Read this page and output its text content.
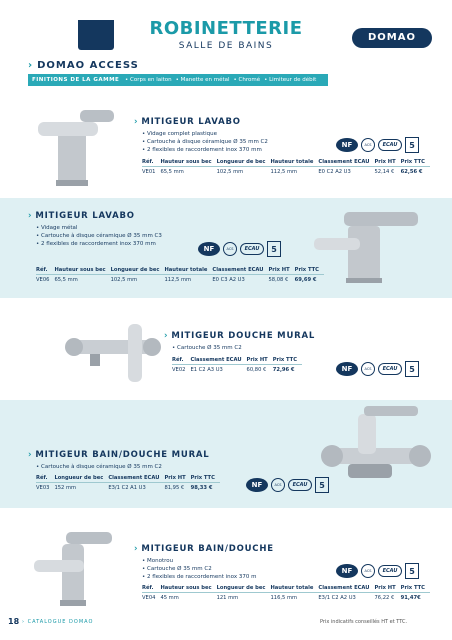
ROBINETTERIE
SALLE DE BAINS
DOMAO
› DOMAO ACCESS
FINITIONS DE LA GAMME • Corps en laiton • Manette en métal • Chromé • Limiteur de débit
› MITIGEUR LAVABO
• Vidage complet plastique
• Cartouche à disque céramique Ø 35 mm C2
• 2 flexibles de raccordement inox 370 mm
NF	ACS	ECAU	5
Réf.	Hauteur sous bec	Longueur de bec	Hauteur totale	Classement ECAU	Prix HT	Prix TTC
VE01	65,5 mm	102,5 mm	112,5 mm	E0 C2 A2 U3	52,14 €	62,56 €
› MITIGEUR LAVABO
• Vidage métal
• Cartouche à disque céramique Ø 35 mm C3
• 2 flexibles de raccordement inox 370 mm
NF	ACS	ECAU	5
Réf.	Hauteur sous bec	Longueur de bec	Hauteur totale	Classement ECAU	Prix HT	Prix TTC
VE06	65,5 mm	102,5 mm	112,5 mm	E0 C3 A2 U3	58,08 €	69,69 €
› MITIGEUR DOUCHE MURAL
• Cartouche Ø 35 mm C2
Réf.	Classement ECAU	Prix HT	Prix TTC
VE02	E1 C2 A3 U3	60,80 €	72,96 €	NF	ACS	ECAU	5
› MITIGEUR BAIN/DOUCHE MURAL
• Cartouche à disque céramique Ø 35 mm C2
Réf.	Longueur de bec	Classement ECAU	Prix HT	Prix TTC
VE03	152 mm	E3/1 C2 A1 U3	81,95 €	98,33 €	NF	ACS	ECAU	5
› MITIGEUR BAIN/DOUCHE
• Monotrou
• Cartouche Ø 35 mm C2
• 2 flexibles de raccordement inox 370 m
NF	ACS	ECAU	5
Réf.	Hauteur sous bec	Longueur de bec	Hauteur totale	Classement ECAU	Prix HT	Prix TTC
VE04	45 mm	121 mm	116,5 mm	E3/1 C2 A2 U3	76,22 €	91,47€
18 › CATALOGUE DOMAO	Prix indicatifs conseillés HT et TTC.
